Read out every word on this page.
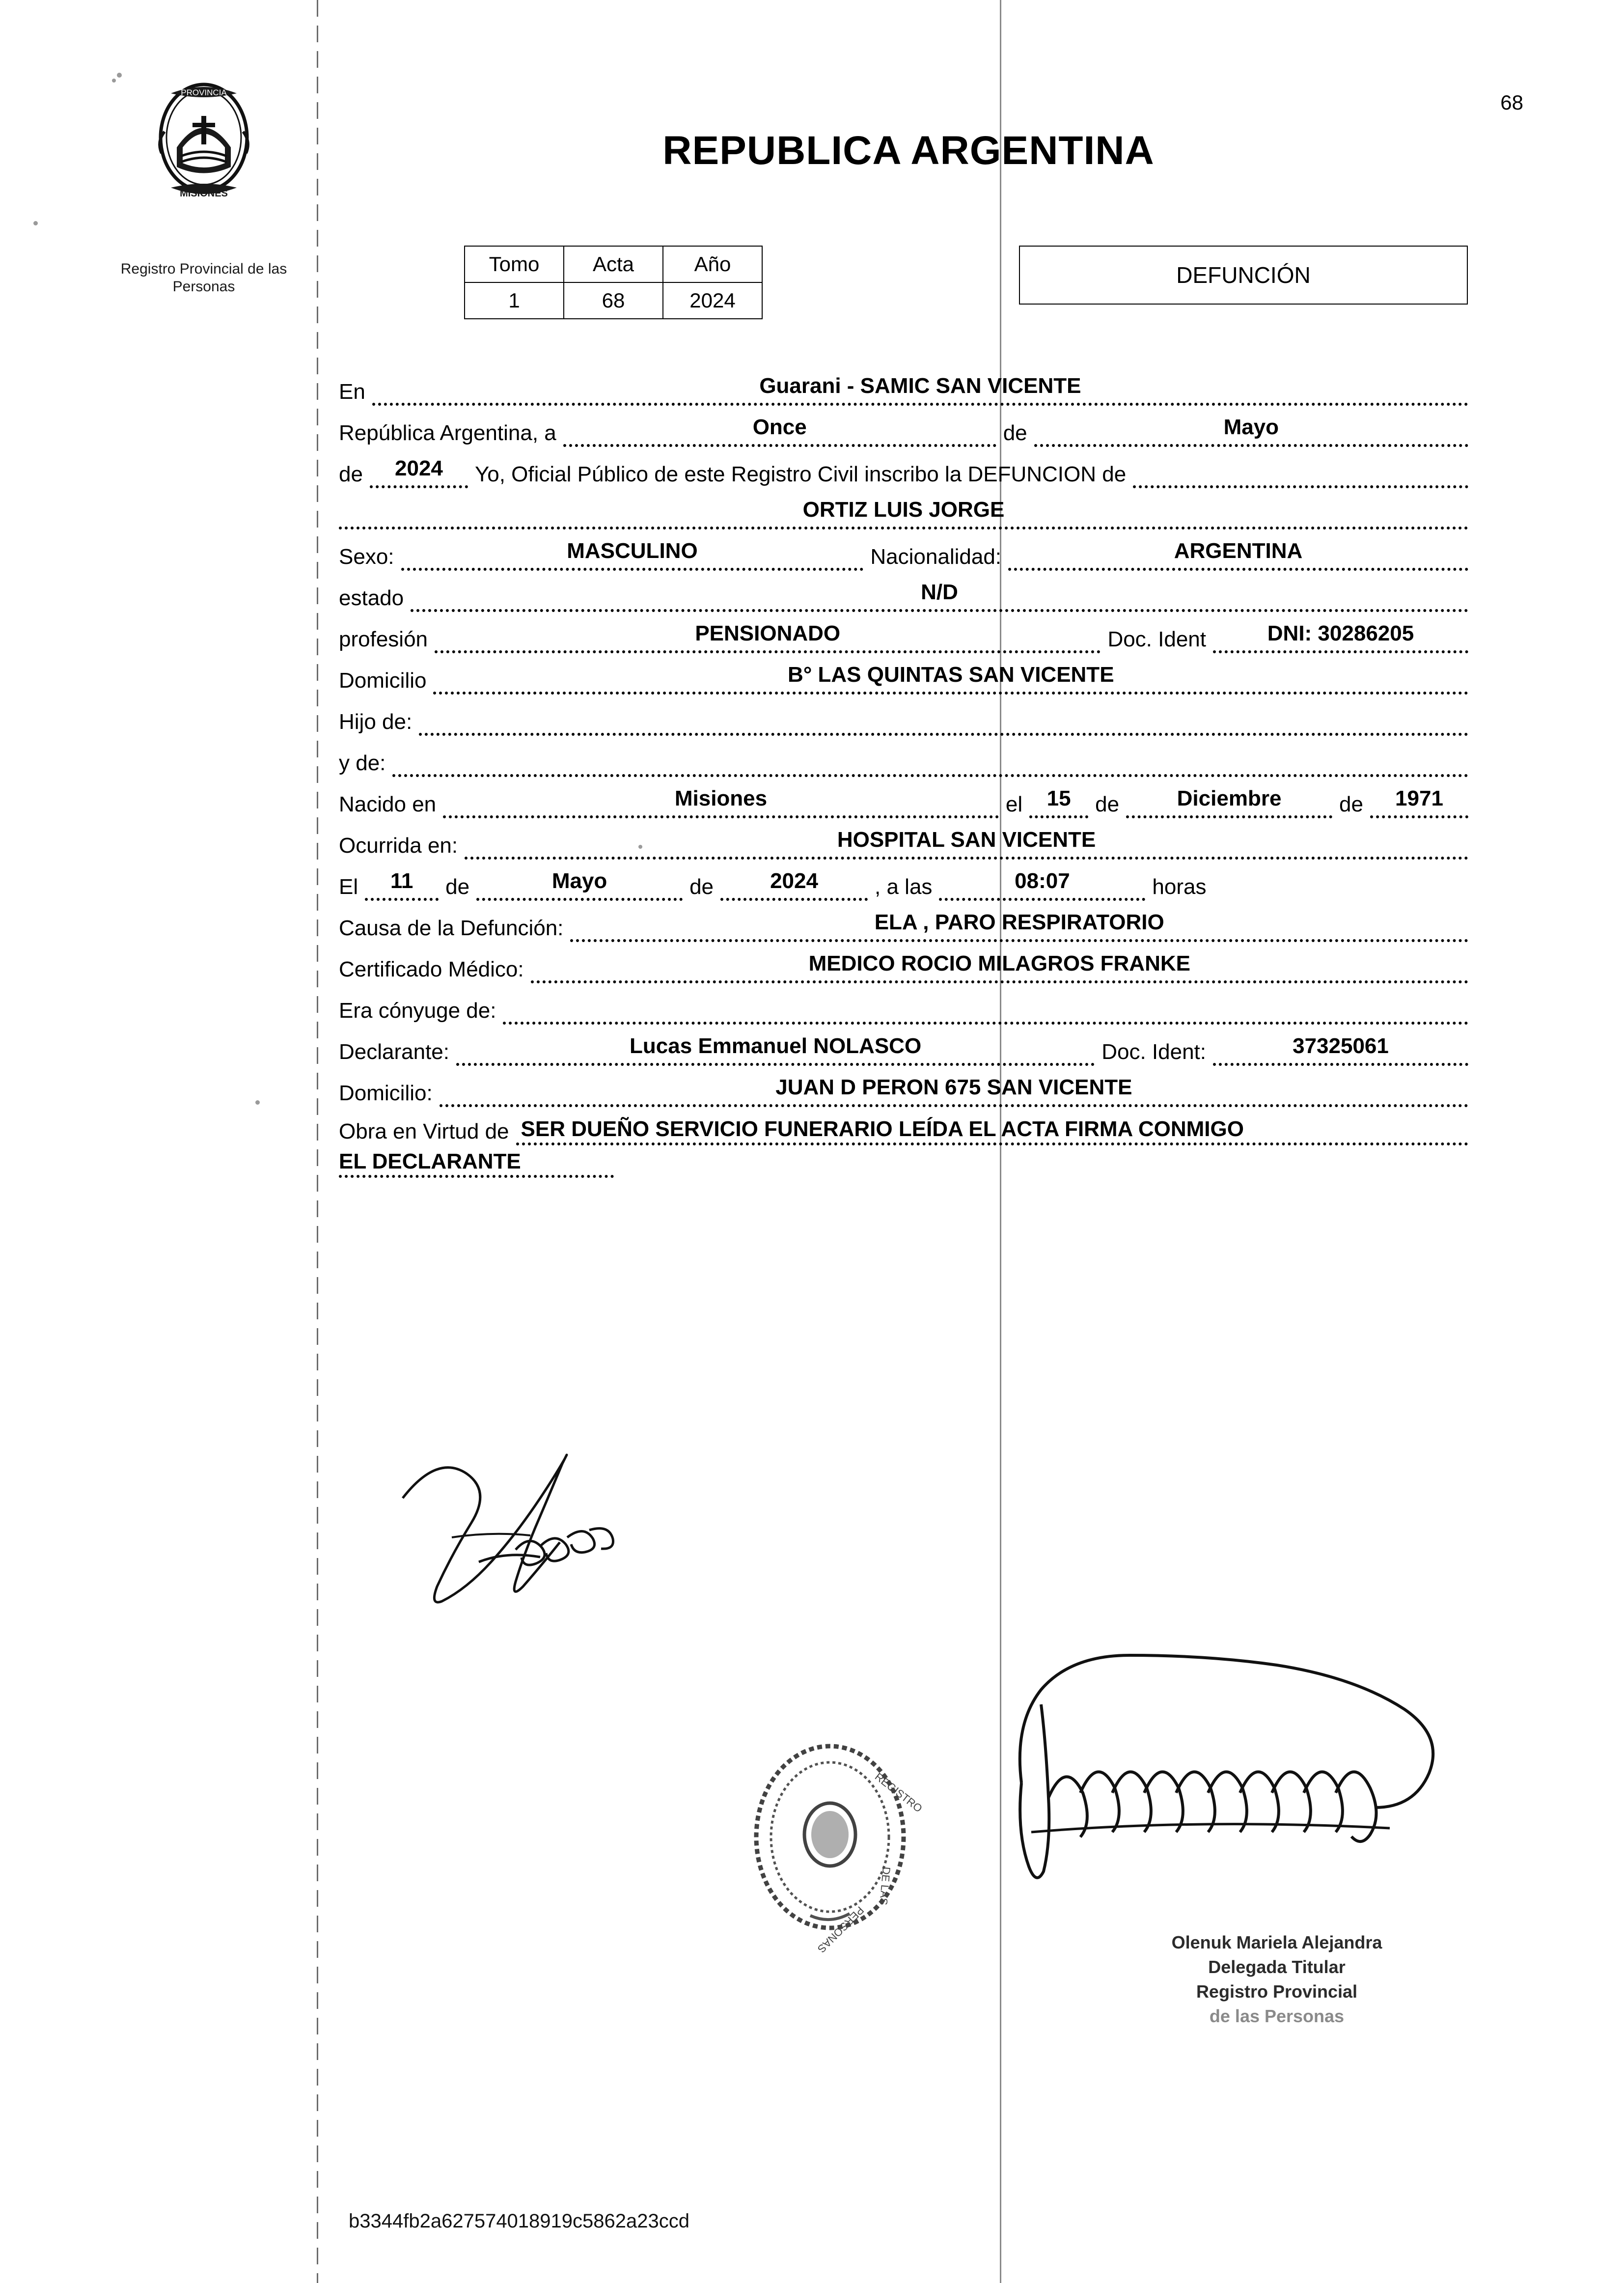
PROVINCIA
MISIONES
Registro Provincial de las Personas
REPUBLICA ARGENTINA
68
Tomo	Acta	Año
1	68	2024
DEFUNCIÓN
En	Guarani - SAMIC SAN VICENTE
República Argentina, a	Once	de	Mayo
de	2024	Yo, Oficial Público de este Registro Civil inscribo la DEFUNCION de
ORTIZ LUIS JORGE
Sexo:	MASCULINO	Nacionalidad:	ARGENTINA
estado	N/D
profesión	PENSIONADO	Doc. Ident	DNI: 30286205
Domicilio	B° LAS QUINTAS SAN VICENTE
Hijo de:
y de:
Nacido en	Misiones	el	15	de	Diciembre	de	1971
Ocurrida en:	HOSPITAL SAN VICENTE
El	11	de	Mayo	de	2024	, a las	08:07	horas
Causa de la Defunción:	ELA , PARO RESPIRATORIO
Certificado Médico:	MEDICO ROCIO MILAGROS FRANKE
Era cónyuge de:
Declarante:	Lucas Emmanuel NOLASCO	Doc. Ident:	37325061
Domicilio:	JUAN D PERON 675 SAN VICENTE
Obra en Virtud de SER DUEÑO SERVICIO FUNERARIO LEÍDA EL ACTA FIRMA CONMIGO
EL DECLARANTE
REGISTRO
DE LAS
PERSONAS	Olenuk Mariela Alejandra
Delegada Titular
Registro Provincial
de las Personas
b3344fb2a627574018919c5862a23ccd
